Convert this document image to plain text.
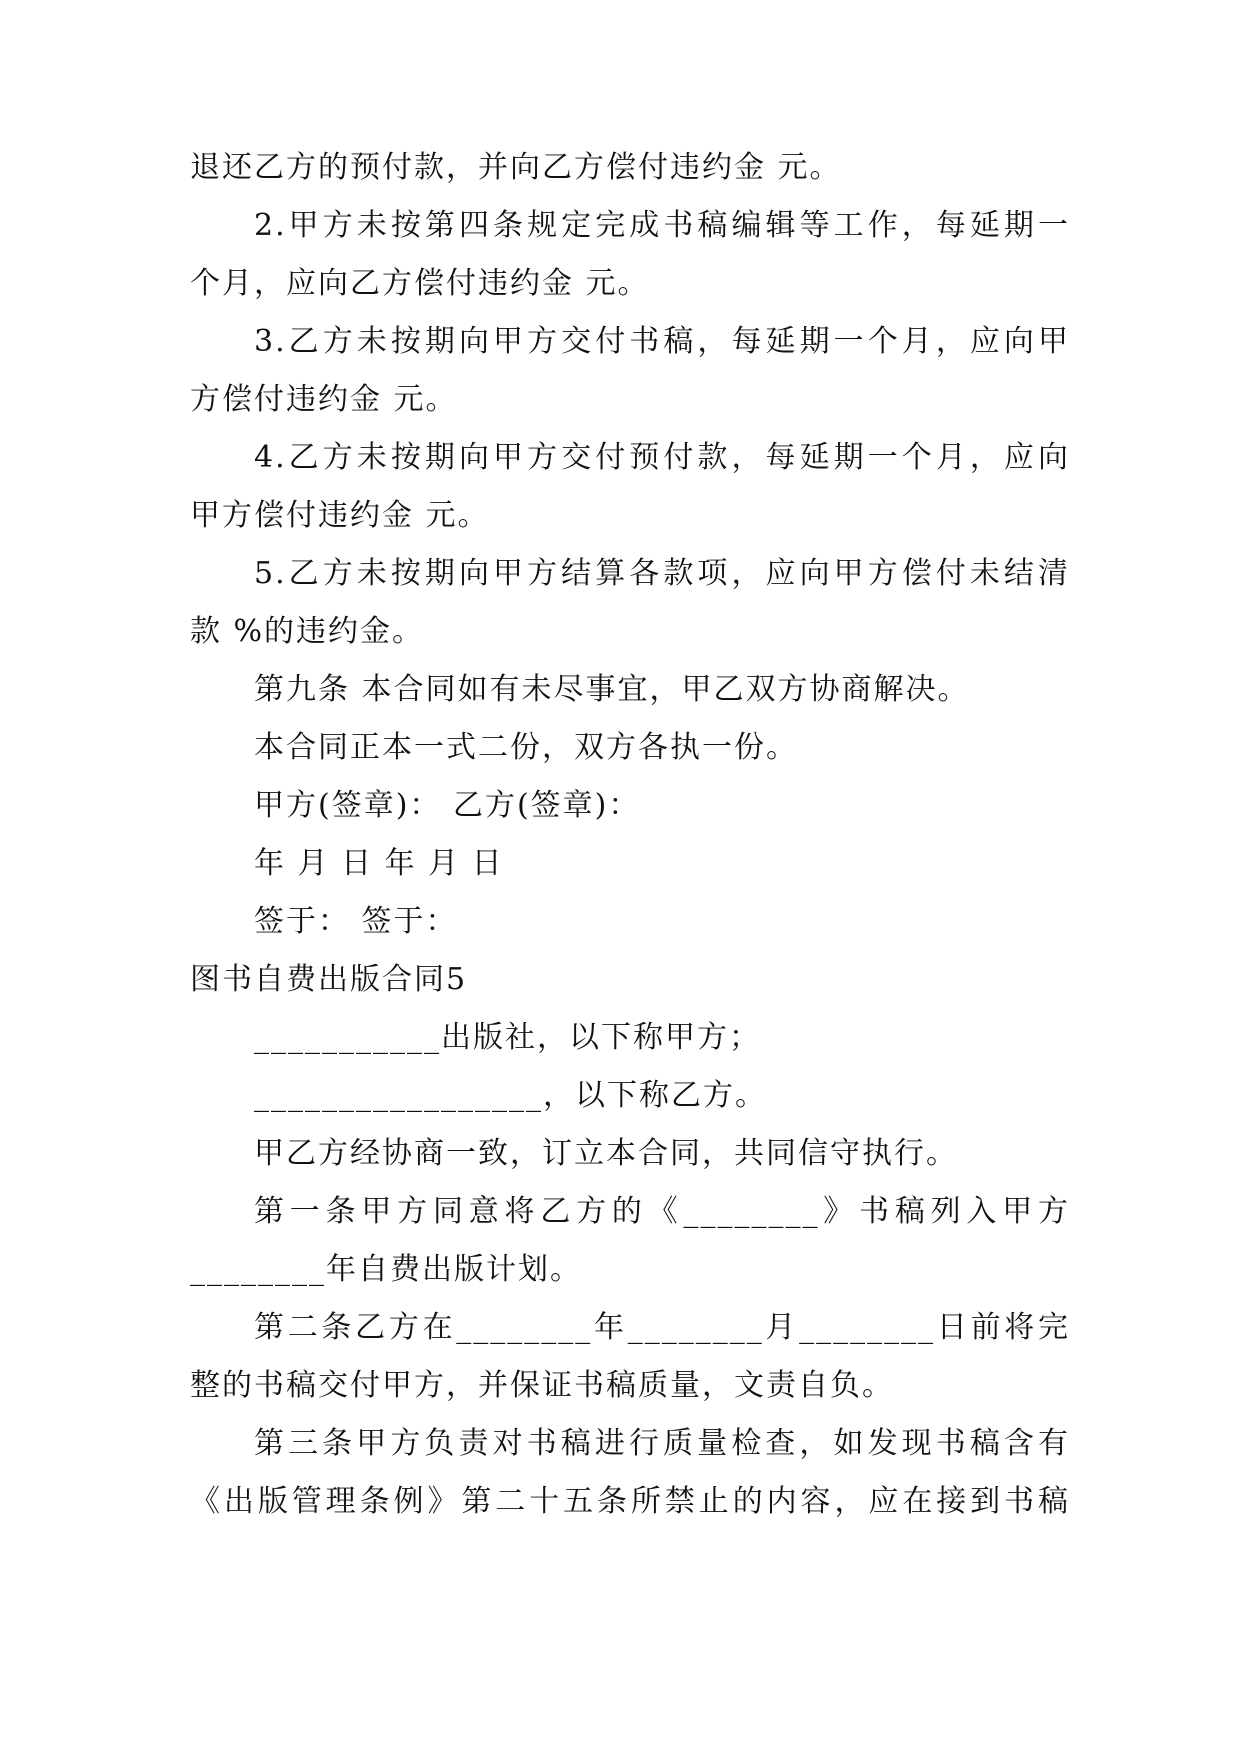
退还乙方的预付款，并向乙方偿付违约金 元。
2.甲方未按第四条规定完成书稿编辑等工作，每延期一
个月，应向乙方偿付违约金 元。
3.乙方未按期向甲方交付书稿，每延期一个月，应向甲
方偿付违约金 元。
4.乙方未按期向甲方交付预付款，每延期一个月，应向
甲方偿付违约金 元。
5.乙方未按期向甲方结算各款项，应向甲方偿付未结清
款 %的违约金。
第九条 本合同如有未尽事宜，甲乙双方协商解决。
本合同正本一式二份，双方各执一份。
甲方(签章)： 乙方(签章)：
年 月 日 年 月 日
签于： 签于：
图书自费出版合同5
___________出版社，以下称甲方；
_________________，以下称乙方。
甲乙方经协商一致，订立本合同，共同信守执行。
第一条甲方同意将乙方的《________》书稿列入甲方
________年自费出版计划。
第二条乙方在________年________月________日前将完
整的书稿交付甲方，并保证书稿质量，文责自负。
第三条甲方负责对书稿进行质量检查，如发现书稿含有
《出版管理条例》第二十五条所禁止的内容，应在接到书稿
